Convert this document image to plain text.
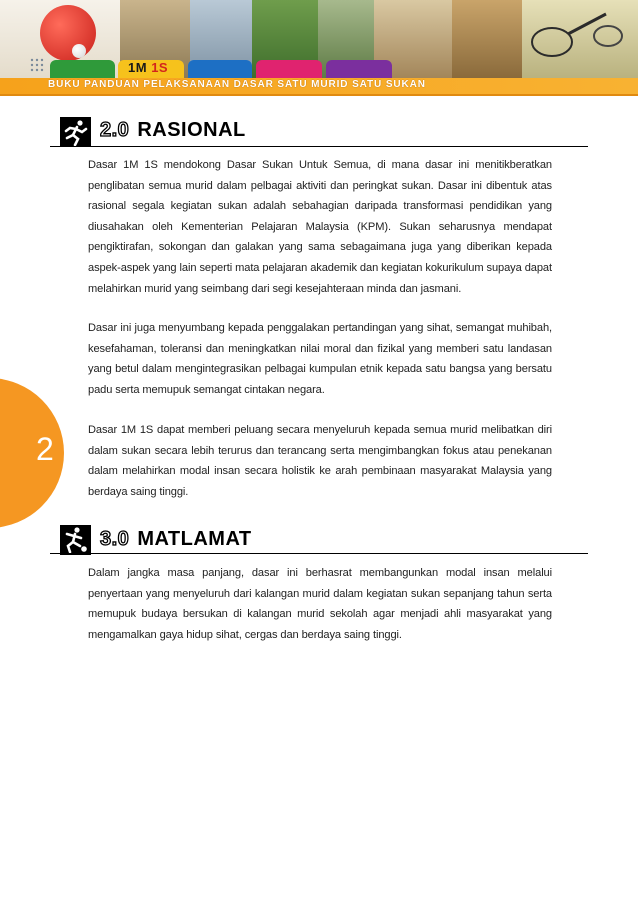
1M 1S
BUKU PANDUAN PELAKSANAAN DASAR SATU MURID SATU SUKAN
2
2.0 RASIONAL

Dasar 1M 1S mendokong Dasar Sukan Untuk Semua, di mana dasar ini menitikberatkan penglibatan semua murid dalam pelbagai aktiviti dan peringkat sukan. Dasar ini dibentuk atas rasional segala kegiatan sukan adalah sebahagian daripada transformasi pendidikan yang diusahakan oleh Kementerian Pelajaran Malaysia (KPM). Sukan seharusnya mendapat pengiktirafan, sokongan dan galakan yang sama sebagaimana juga yang diberikan kepada aspek-aspek yang lain seperti mata pelajaran akademik dan kegiatan kokurikulum supaya dapat melahirkan murid yang seimbang dari segi kesejahteraan minda dan jasmani.

Dasar ini juga menyumbang kepada penggalakan pertandingan yang sihat, semangat muhibah, kesefahaman, toleransi dan meningkatkan nilai moral dan fizikal yang memberi satu landasan yang betul dalam mengintegrasikan pelbagai kumpulan etnik kepada satu bangsa yang bersatu padu serta memupuk semangat cintakan negara.

Dasar 1M 1S dapat memberi peluang secara menyeluruh kepada semua murid melibatkan diri dalam sukan secara lebih terurus dan terancang serta mengimbangkan fokus atau penekanan dalam melahirkan modal insan secara holistik ke arah pembinaan masyarakat Malaysia yang berdaya saing tinggi.

3.0 MATLAMAT

Dalam jangka masa panjang, dasar ini berhasrat membangunkan modal insan melalui penyertaan yang menyeluruh dari kalangan murid dalam kegiatan sukan sepanjang tahun serta memupuk budaya bersukan di kalangan murid sekolah agar menjadi ahli masyarakat yang mengamalkan gaya hidup sihat, cergas dan berdaya saing tinggi.
